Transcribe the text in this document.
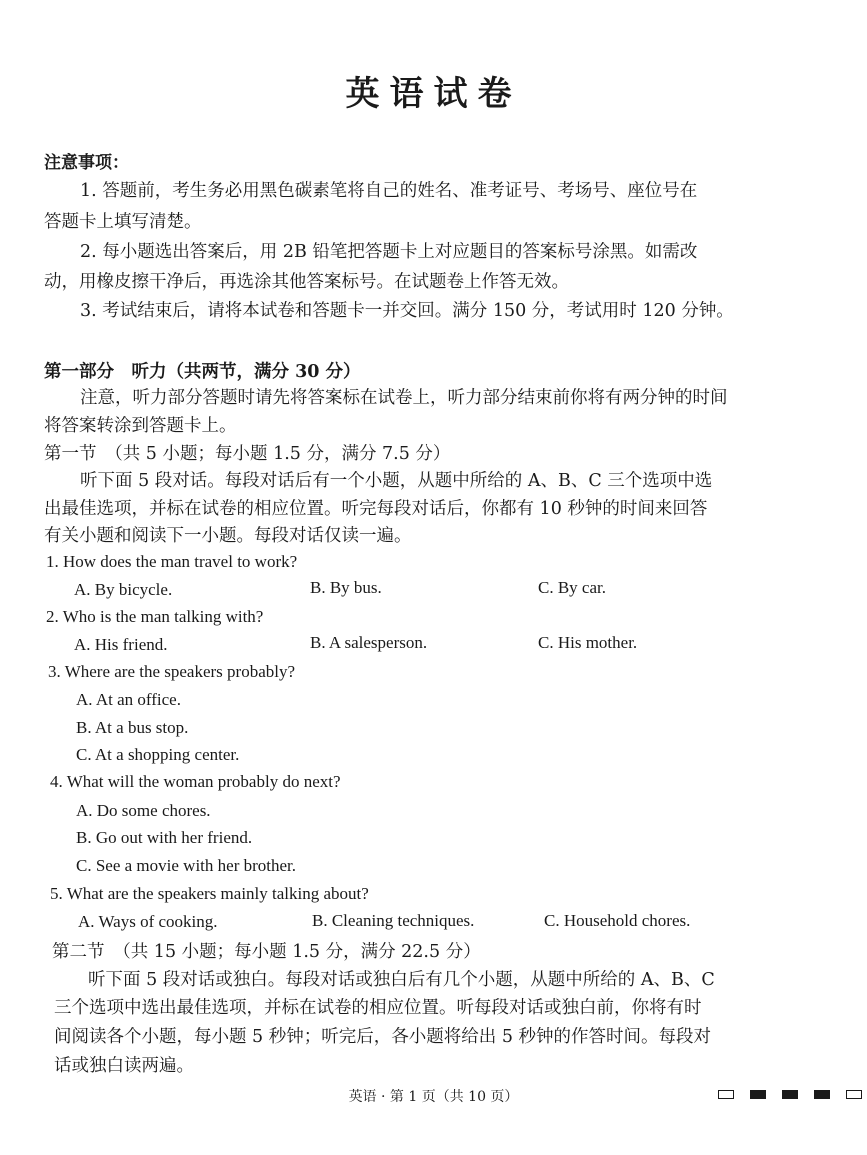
英语试卷
注意事项：
1. 答题前，考生务必用黑色碳素笔将自己的姓名、准考证号、考场号、座位号在
答题卡上填写清楚。
2. 每小题选出答案后，用 2B 铅笔把答题卡上对应题目的答案标号涂黑。如需改
动，用橡皮擦干净后，再选涂其他答案标号。在试题卷上作答无效。
3. 考试结束后，请将本试卷和答题卡一并交回。满分 150 分，考试用时 120 分钟。
第一部分　听力（共两节，满分 30 分）
注意，听力部分答题时请先将答案标在试卷上，听力部分结束前你将有两分钟的时间
将答案转涂到答题卡上。
第一节　（共 5 小题；每小题 1.5 分，满分 7.5 分）
听下面 5 段对话。每段对话后有一个小题，从题中所给的 A、B、C 三个选项中选
出最佳选项，并标在试卷的相应位置。听完每段对话后，你都有 10 秒钟的时间来回答
有关小题和阅读下一小题。每段对话仅读一遍。
1. How does the man travel to work?
A. By bicycle.	B. By bus.	C. By car.
2. Who is the man talking with?
A. His friend.	B. A salesperson.	C. His mother.
3. Where are the speakers probably?
A. At an office.
B. At a bus stop.
C. At a shopping center.
4. What will the woman probably do next?
A. Do some chores.
B. Go out with her friend.
C. See a movie with her brother.
5. What are the speakers mainly talking about?
A. Ways of cooking.	B. Cleaning techniques.	C. Household chores.
第二节　（共 15 小题；每小题 1.5 分，满分 22.5 分）
听下面 5 段对话或独白。每段对话或独白后有几个小题，从题中所给的 A、B、C
三个选项中选出最佳选项，并标在试卷的相应位置。听每段对话或独白前，你将有时
间阅读各个小题，每小题 5 秒钟；听完后，各小题将给出 5 秒钟的作答时间。每段对
话或独白读两遍。
英语 · 第 1 页（共 10 页）
